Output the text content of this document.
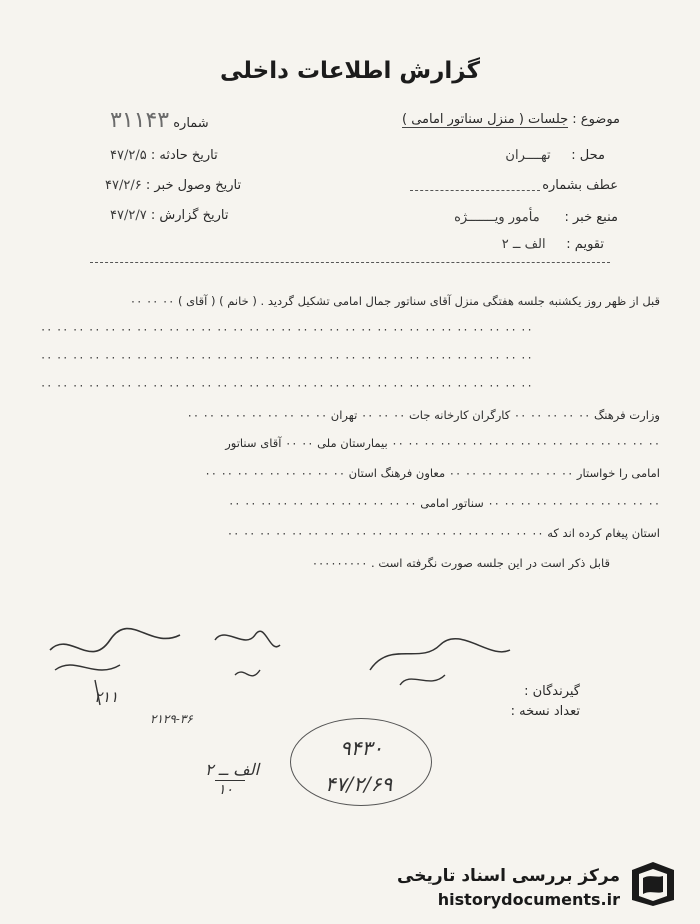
گزارش اطلاعات داخلی
شماره ۳۱۱۴۳	موضوع : جلسات ( منزل سناتور امامی )
محل :     تهــــران
تاریخ حادثه : ۴۷/۲/۵
عطف بشماره
تاریخ وصول خبر : ۴۷/۲/۶
منبع خبر :      مأمور ویـــــــژه
تاریخ گزارش : ۴۷/۲/۷
تقویم :     الف ــ ۲
قبل از ظهر روز یکشنبه جلسه هفتگی منزل آقای سناتور جمال امامی تشکیل گردید . ( خانم ) ( آقای ) ۰۰ ۰۰ ۰۰
۰۰ ۰۰ ۰۰ ۰۰ ۰۰ ۰۰ ۰۰ ۰۰ ۰۰ ۰۰ ۰۰ ۰۰ ۰۰ ۰۰ ۰۰ ۰۰ ۰۰ ۰۰ ۰۰ ۰۰ ۰۰ ۰۰ ۰۰ ۰۰ ۰۰ ۰۰ ۰۰ ۰۰ ۰۰ ۰۰ ۰۰
۰۰ ۰۰ ۰۰ ۰۰ ۰۰ ۰۰ ۰۰ ۰۰ ۰۰ ۰۰ ۰۰ ۰۰ ۰۰ ۰۰ ۰۰ ۰۰ ۰۰ ۰۰ ۰۰ ۰۰ ۰۰ ۰۰ ۰۰ ۰۰ ۰۰ ۰۰ ۰۰ ۰۰ ۰۰ ۰۰ ۰۰
۰۰ ۰۰ ۰۰ ۰۰ ۰۰ ۰۰ ۰۰ ۰۰ ۰۰ ۰۰ ۰۰ ۰۰ ۰۰ ۰۰ ۰۰ ۰۰ ۰۰ ۰۰ ۰۰ ۰۰ ۰۰ ۰۰ ۰۰ ۰۰ ۰۰ ۰۰ ۰۰ ۰۰ ۰۰ ۰۰ ۰۰
وزارت فرهنگ ۰۰ ۰۰ ۰۰ ۰۰ ۰۰ کارگران کارخانه جات ۰۰ ۰۰ ۰۰ تهران ۰۰ ۰۰ ۰۰ ۰۰ ۰۰ ۰۰ ۰۰ ۰۰ ۰۰
۰۰ ۰۰ ۰۰ ۰۰ ۰۰ ۰۰ ۰۰ ۰۰ ۰۰ ۰۰ ۰۰ ۰۰ ۰۰ ۰۰ ۰۰ ۰۰ ۰۰ بیمارستان ملی ۰۰ ۰۰ آقای سناتور
امامی را خواستار ۰۰ ۰۰ ۰۰ ۰۰ ۰۰ ۰۰ ۰۰ ۰۰ معاون فرهنگ استان ۰۰ ۰۰ ۰۰ ۰۰ ۰۰ ۰۰ ۰۰ ۰۰ ۰۰
۰۰ ۰۰ ۰۰ ۰۰ ۰۰ ۰۰ ۰۰ ۰۰ ۰۰ ۰۰ ۰۰ سناتور امامی ۰۰ ۰۰ ۰۰ ۰۰ ۰۰ ۰۰ ۰۰ ۰۰ ۰۰ ۰۰ ۰۰ ۰۰
استان پیغام کرده اند که ۰۰ ۰۰ ۰۰ ۰۰ ۰۰ ۰۰ ۰۰ ۰۰ ۰۰ ۰۰ ۰۰ ۰۰ ۰۰ ۰۰ ۰۰ ۰۰ ۰۰ ۰۰ ۰۰ ۰۰
قابل ذکر است در این جلسه صورت نگرفته است . ۰۰۰۰۰۰۰۰۰
۲۱۱
۲۱۲۹-۳۶
گیرندگان :
تعداد نسخه :
الف ــ ۲
۱۰
۹۴۳۰
۴۷/۲/۶۹
مرکز بررسی اسناد تاریخی
historydocuments.ir
